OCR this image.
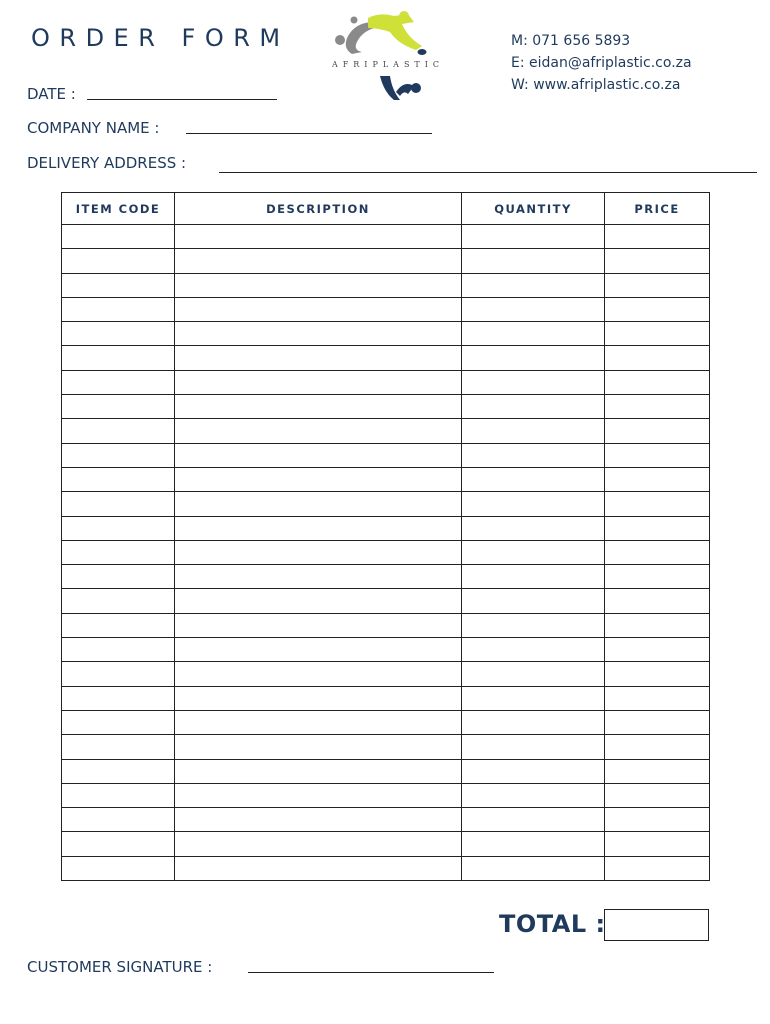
ORDER FORM
AFRIPLASTIC
M: 071 656 5893
E: eidan@afriplastic.co.za
W: www.afriplastic.co.za
DATE :
COMPANY NAME :
DELIVERY ADDRESS :
ITEM CODE	DESCRIPTION	QUANTITY	PRICE

TOTAL :
CUSTOMER SIGNATURE :
